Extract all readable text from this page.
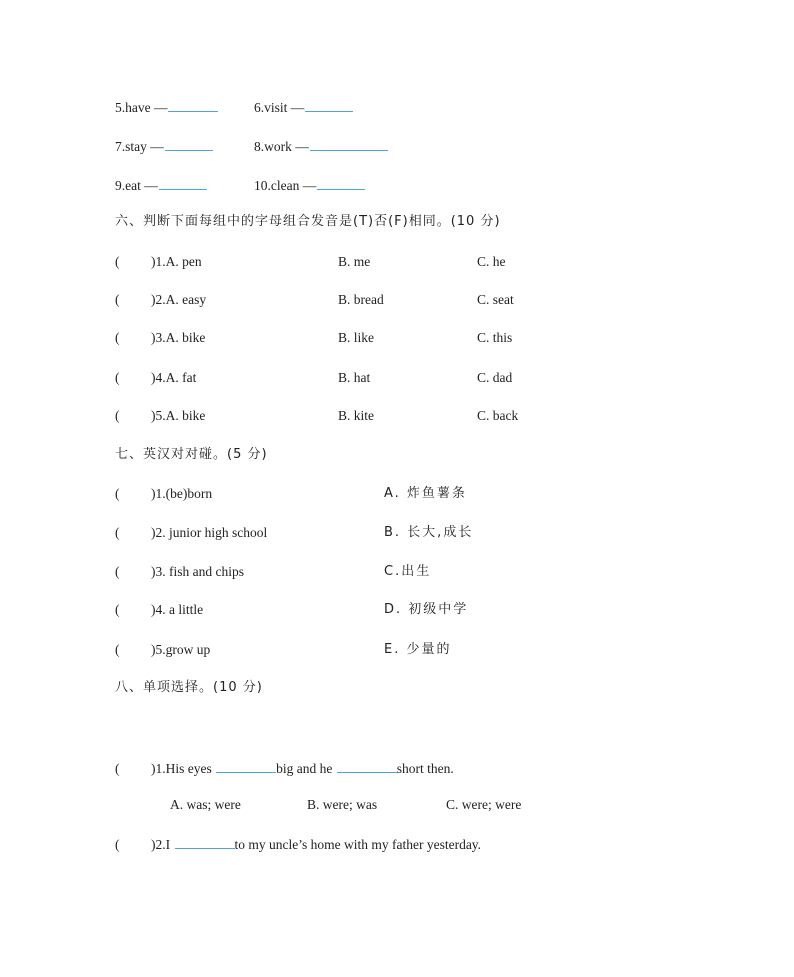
5.have —	6.visit —
7.stay —	8.work —
9.eat —	10.clean —
六、判断下面每组中的字母组合发音是(T)否(F)相同。(10 分)
( )1.A. pen	B. me	C. he
( )2.A. easy	B. bread	C. seat
( )3.A. bike	B. like	C. this
( )4.A. fat	B. hat	C. dad
( )5.A. bike	B. kite	C. back
七、英汉对对碰。(5 分)
( )1.(be)born	A. 炸鱼薯条
( )2. junior high school	B. 长大,成长
( )3. fish and chips	C.出生
( )4. a little	D. 初级中学
( )5.grow up	E. 少量的
八、单项选择。(10 分)
( )1.His eyes	big and he	short then.
A. was; were	B. were; was	C. were; were
( )2.I	to my uncle’s home with my father yesterday.
